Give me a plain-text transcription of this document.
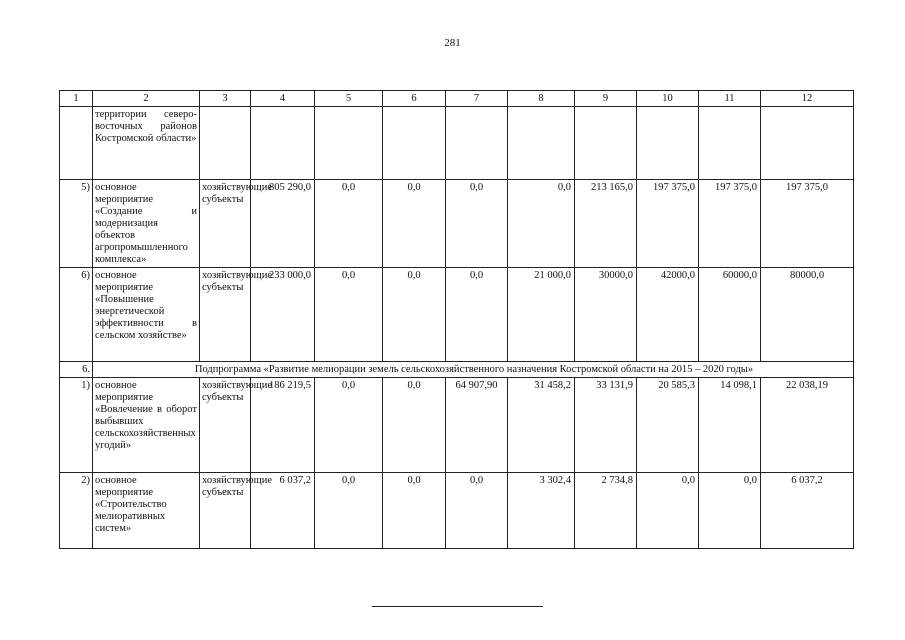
281
1	2	3	4	5	6	7	8	9	10	11	12
	территории северо-восточных районов Костромской области»										
5)	основное мероприятие «Создание и модернизация объектов агропромышленного комплекса»	хозяйствующие субъекты	805 290,0	0,0	0,0	0,0	0,0	213 165,0	197 375,0	197 375,0	197 375,0
6)	основное мероприятие «Повышение энергетической эффективности в сельском хозяйстве»	хозяйствующие субъекты	233 000,0	0,0	0,0	0,0	21 000,0	30000,0	42000,0	60000,0	80000,0
6.	Подпрограмма «Развитие мелиорации земель сельскохозяйственного назначения Костромской области на 2015 – 2020 годы»										
1)	основное мероприятие «Вовлечение в оборот выбывших сельскохозяйственных угодий»	хозяйствующие субъекты	186 219,5	0,0	0,0	64 907,90	31 458,2	33 131,9	20 585,3	14 098,1	22 038,19
2)	основное мероприятие «Строительство мелиоративных систем»	хозяйствующие субъекты	6 037,2	0,0	0,0	0,0	3 302,4	2 734,8	0,0	0,0	6 037,2
